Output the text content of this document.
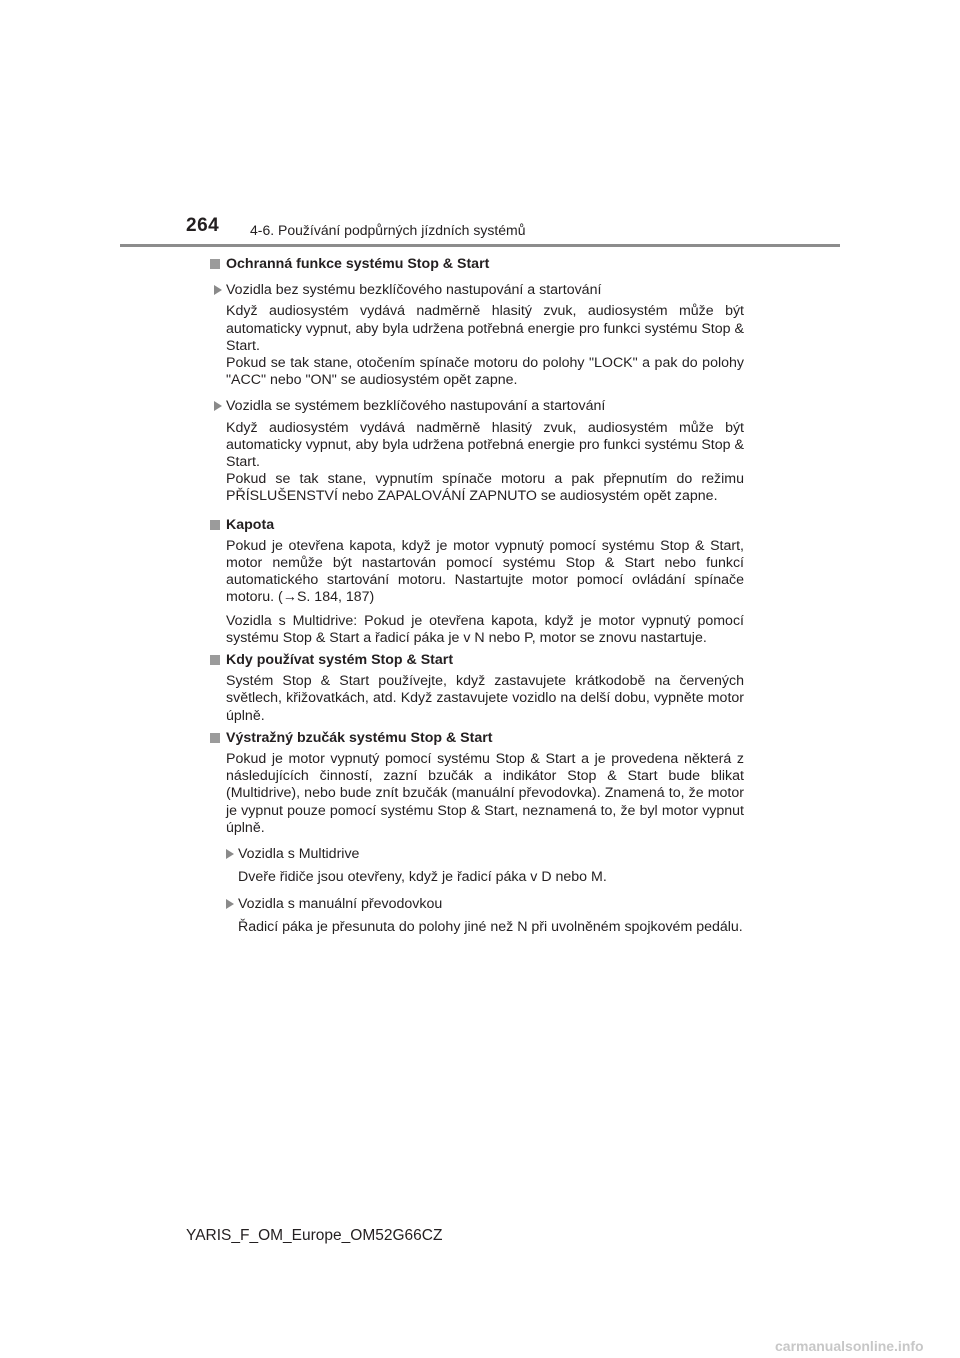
264 4-6. Používání podpůrných jízdních systémů
Ochranná funkce systému Stop & Start
Vozidla bez systému bezklíčového nastupování a startování
Když audiosystém vydává nadměrně hlasitý zvuk, audiosystém může být automaticky vypnut, aby byla udržena potřebná energie pro funkci systému Stop & Start.
Pokud se tak stane, otočením spínače motoru do polohy "LOCK" a pak do polohy "ACC" nebo "ON" se audiosystém opět zapne.
Vozidla se systémem bezklíčového nastupování a startování
Když audiosystém vydává nadměrně hlasitý zvuk, audiosystém může být automaticky vypnut, aby byla udržena potřebná energie pro funkci systému Stop & Start.
Pokud se tak stane, vypnutím spínače motoru a pak přepnutím do režimu PŘÍSLUŠENSTVÍ nebo ZAPALOVÁNÍ ZAPNUTO se audiosystém opět zapne.
Kapota
Pokud je otevřena kapota, když je motor vypnutý pomocí systému Stop & Start, motor nemůže být nastartován pomocí systému Stop & Start nebo funkcí automatického startování motoru. Nastartujte motor pomocí ovládání spínače motoru. (→S. 184, 187)
Vozidla s Multidrive: Pokud je otevřena kapota, když je motor vypnutý pomocí systému Stop & Start a řadicí páka je v N nebo P, motor se znovu nastartuje.
Kdy používat systém Stop & Start
Systém Stop & Start používejte, když zastavujete krátkodobě na červených světlech, křižovatkách, atd. Když zastavujete vozidlo na delší dobu, vypněte motor úplně.
Výstražný bzučák systému Stop & Start
Pokud je motor vypnutý pomocí systému Stop & Start a je provedena některá z následujících činností, zazní bzučák a indikátor Stop & Start bude blikat (Multidrive), nebo bude znít bzučák (manuální převodovka). Znamená to, že motor je vypnut pouze pomocí systému Stop & Start, neznamená to, že byl motor vypnut úplně.
Vozidla s Multidrive
Dveře řidiče jsou otevřeny, když je řadicí páka v D nebo M.
Vozidla s manuální převodovkou
Řadicí páka je přesunuta do polohy jiné než N při uvolněném spojkovém pedálu.
YARIS_F_OM_Europe_OM52G66CZ
carmanualsonline.info
